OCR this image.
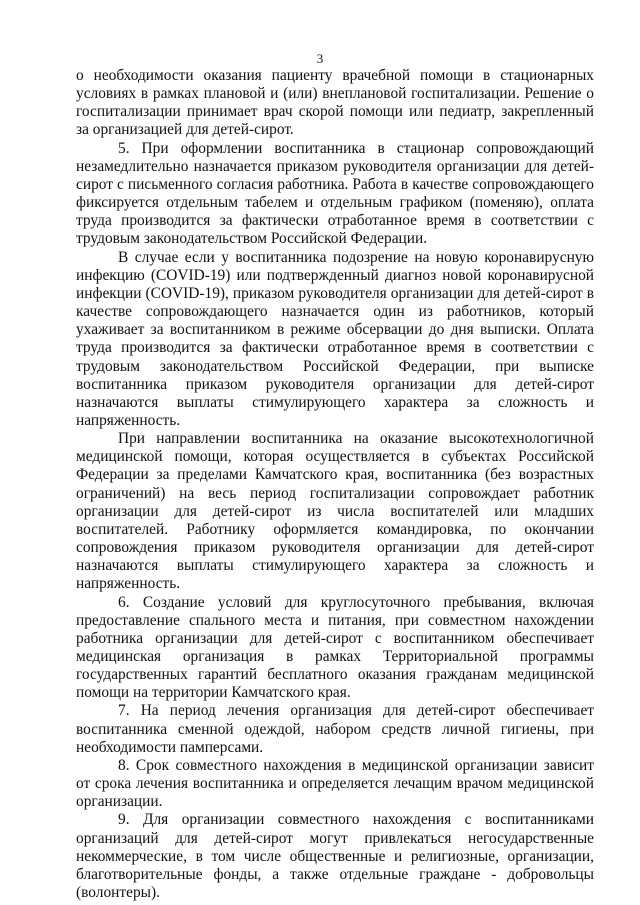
3

о необходимости оказания пациенту врачебной помощи в стационарных условиях в рамках плановой и (или) внеплановой госпитализации. Решение о госпитализации принимает врач скорой помощи или педиатр, закрепленный за организацией для детей-сирот.

5. При оформлении воспитанника в стационар сопровождающий незамедлительно назначается приказом руководителя организации для детей-сирот с письменного согласия работника. Работа в качестве сопровождающего фиксируется отдельным табелем и отдельным графиком (поменяю), оплата труда производится за фактически отработанное время в соответствии с трудовым законодательством Российской Федерации.

В случае если у воспитанника подозрение на новую коронавирусную инфекцию (COVID-19) или подтвержденный диагноз новой коронавирусной инфекции (COVID-19), приказом руководителя организации для детей-сирот в качестве сопровождающего назначается один из работников, который ухаживает за воспитанником в режиме обсервации до дня выписки. Оплата труда производится за фактически отработанное время в соответствии с трудовым законодательством Российской Федерации, при выписке воспитанника приказом руководителя организации для детей-сирот назначаются выплаты стимулирующего характера за сложность и напряженность.

При направлении воспитанника на оказание высокотехнологичной медицинской помощи, которая осуществляется в субъектах Российской Федерации за пределами Камчатского края, воспитанника (без возрастных ограничений) на весь период госпитализации сопровождает работник организации для детей-сирот из числа воспитателей или младших воспитателей. Работнику оформляется командировка, по окончании сопровождения приказом руководителя организации для детей-сирот назначаются выплаты стимулирующего характера за сложность и напряженность.

6. Создание условий для круглосуточного пребывания, включая предоставление спального места и питания, при совместном нахождении работника организации для детей-сирот с воспитанником обеспечивает медицинская организация в рамках Территориальной программы государственных гарантий бесплатного оказания гражданам медицинской помощи на территории Камчатского края.

7. На период лечения организация для детей-сирот обеспечивает воспитанника сменной одеждой, набором средств личной гигиены, при необходимости памперсами.

8. Срок совместного нахождения в медицинской организации зависит от срока лечения воспитанника и определяется лечащим врачом медицинской организации.

9. Для организации совместного нахождения с воспитанниками организаций для детей-сирот могут привлекаться негосударственные некоммерческие, в том числе общественные и религиозные, организации, благотворительные фонды, а также отдельные граждане - добровольцы (волонтеры).
